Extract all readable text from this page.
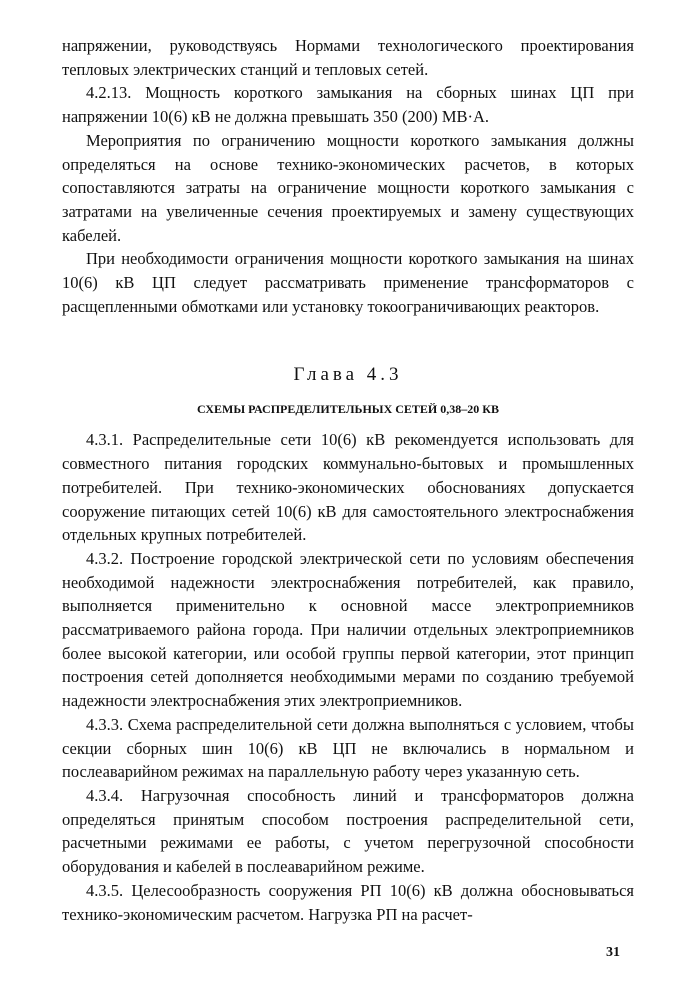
напряжении, руководствуясь Нормами технологического проектирования тепловых электрических станций и тепловых сетей.

4.2.13. Мощность короткого замыкания на сборных шинах ЦП при напряжении 10(6) кВ не должна превышать 350 (200) МВ·А.

Мероприятия по ограничению мощности короткого замыкания должны определяться на основе технико-экономических расчетов, в которых сопоставляются затраты на ограничение мощности короткого замыкания с затратами на увеличенные сечения проектируемых и замену существующих кабелей.

При необходимости ограничения мощности короткого замыкания на шинах 10(6) кВ ЦП следует рассматривать применение трансформаторов с расщепленными обмотками или установку токоограничивающих реакторов.

Глава 4.3
СХЕМЫ РАСПРЕДЕЛИТЕЛЬНЫХ СЕТЕЙ 0,38–20 КВ

4.3.1. Распределительные сети 10(6) кВ рекомендуется использовать для совместного питания городских коммунально-бытовых и промышленных потребителей. При технико-экономических обоснованиях допускается сооружение питающих сетей 10(6) кВ для самостоятельного электроснабжения отдельных крупных потребителей.

4.3.2. Построение городской электрической сети по условиям обеспечения необходимой надежности электроснабжения потребителей, как правило, выполняется применительно к основной массе электроприемников рассматриваемого района города. При наличии отдельных электроприемников более высокой категории, или особой группы первой категории, этот принцип построения сетей дополняется необходимыми мерами по созданию требуемой надежности электроснабжения этих электроприемников.

4.3.3. Схема распределительной сети должна выполняться с условием, чтобы секции сборных шин 10(6) кВ ЦП не включались в нормальном и послеаварийном режимах на параллельную работу через указанную сеть.

4.3.4. Нагрузочная способность линий и трансформаторов должна определяться принятым способом построения распределительной сети, расчетными режимами ее работы, с учетом перегрузочной способности оборудования и кабелей в послеаварийном режиме.

4.3.5. Целесообразность сооружения РП 10(6) кВ должна обосновываться технико-экономическим расчетом. Нагрузка РП на расчет-

31
